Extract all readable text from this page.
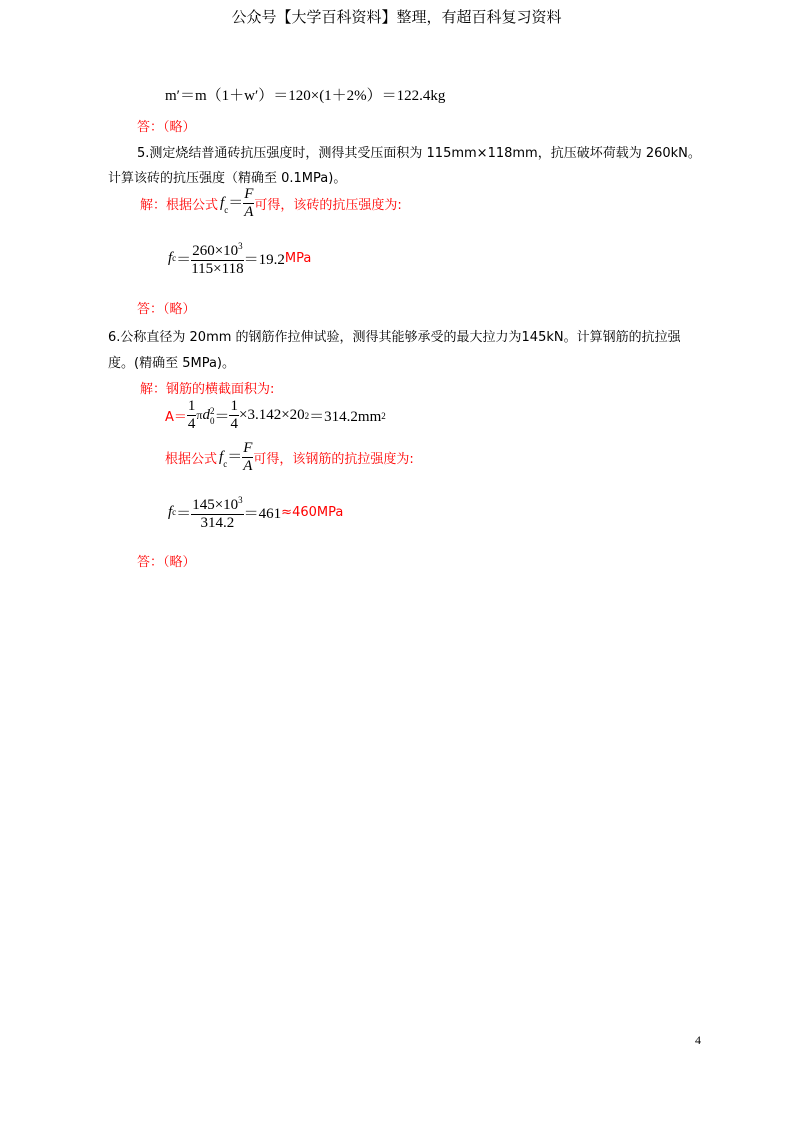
公众号【大学百科资料】整理，有超百科复习资料
m′＝m（1＋w′）＝120×(1＋2%）＝122.4kg
答：（略）
5.测定烧结普通砖抗压强度时，测得其受压面积为 115mm×118mm，抗压破坏荷载为 260kN。
计算该砖的抗压强度（精确至 0.1MPa)。
解：根据公式 $f_c= \frac{F}{A}$ 可得，该砖的抗压强度为:
f $c = \frac{260\times 10^3}{115\times 118} =19.2$ MPa
答：（略）
6.公称直径为 20mm 的钢筋作拉伸试验，测得其能够承受的最大拉力为145kN。计算钢筋的抗拉强
度。(精确至 5MPa)。
解：钢筋的横截面积为:
$A= \frac{1}{4}$ π d 2
$0 = \frac{1}{4} \times 3.142\times 20$ 2 ＝314.2mm 2
根据公式 $f_c= \frac{F}{A}$ 可得，该钢筋的抗拉强度为:
f $c = \frac{145\times 10^3}{314.2} =461 \approx 460MPa$
答：（略）
4
